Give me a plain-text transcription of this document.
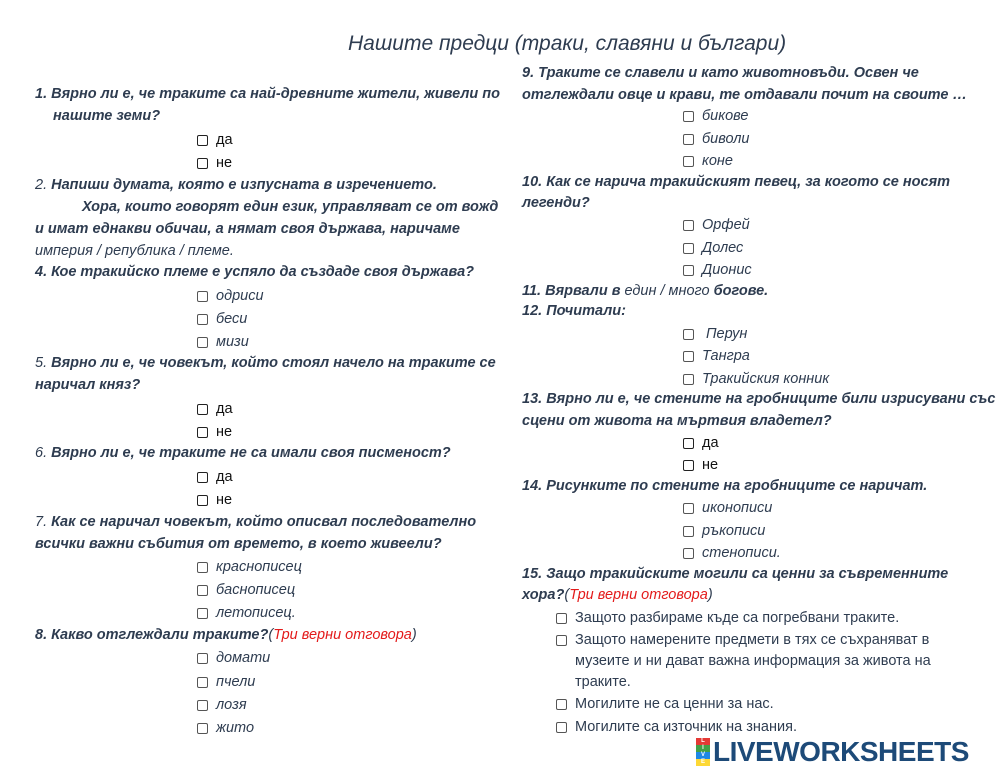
Нашите предци (траки, славяни и българи)
1. Вярно ли е, че траките са най-древните жители, живели по
нашите земи?
да
не
2. Напиши думата, която е изпусната в изречението.
Хора, които говорят един език, управляват се от вожд
и имат еднакви обичаи, а нямат своя държава, наричаме
империя / република / племе.
4. Кое тракийско племе е успяло да създаде своя държава?
одриси
беси
мизи
5. Вярно ли е, че човекът, който стоял начело на траките се
наричал княз?
да
не
6. Вярно ли е, че траките не са имали своя писменост?
да
не
7. Как се наричал човекът, който описвал последователно
всички важни събития от времето, в което живеели?
краснописец
баснописец
летописец.
8. Какво отглеждали траките?(Три верни отговора)
домати
пчели
лозя
жито
9. Траките се славели и като животновъди. Освен че
отглеждали овце и крави, те отдавали почит на своите …
бикове
биволи
коне
10. Как се нарича тракийският певец, за когото се носят
легенди?
Орфей
Долес
Дионис
11. Вярвали в един / много богове.
12. Почитали:
Перун
Тангра
Тракийския конник
13. Вярно ли е, че стените на гробниците били изрисувани със
сцени от живота на мъртвия владетел?
да
не
14. Рисунките по стените на гробниците се наричат.
иконописи
ръкописи
стенописи.
15. Защо тракийските могили са ценни за съвременните
хора?(Три верни отговора)
Защото разбираме къде са погребвани траките.
Защото намерените предмети в тях се съхраняват в
музеите и ни дават важна информация за живота на
траките.
Могилите не са ценни за нас.
Могилите са източник на знания.
L
I
V
E LIVEWORKSHEETS
